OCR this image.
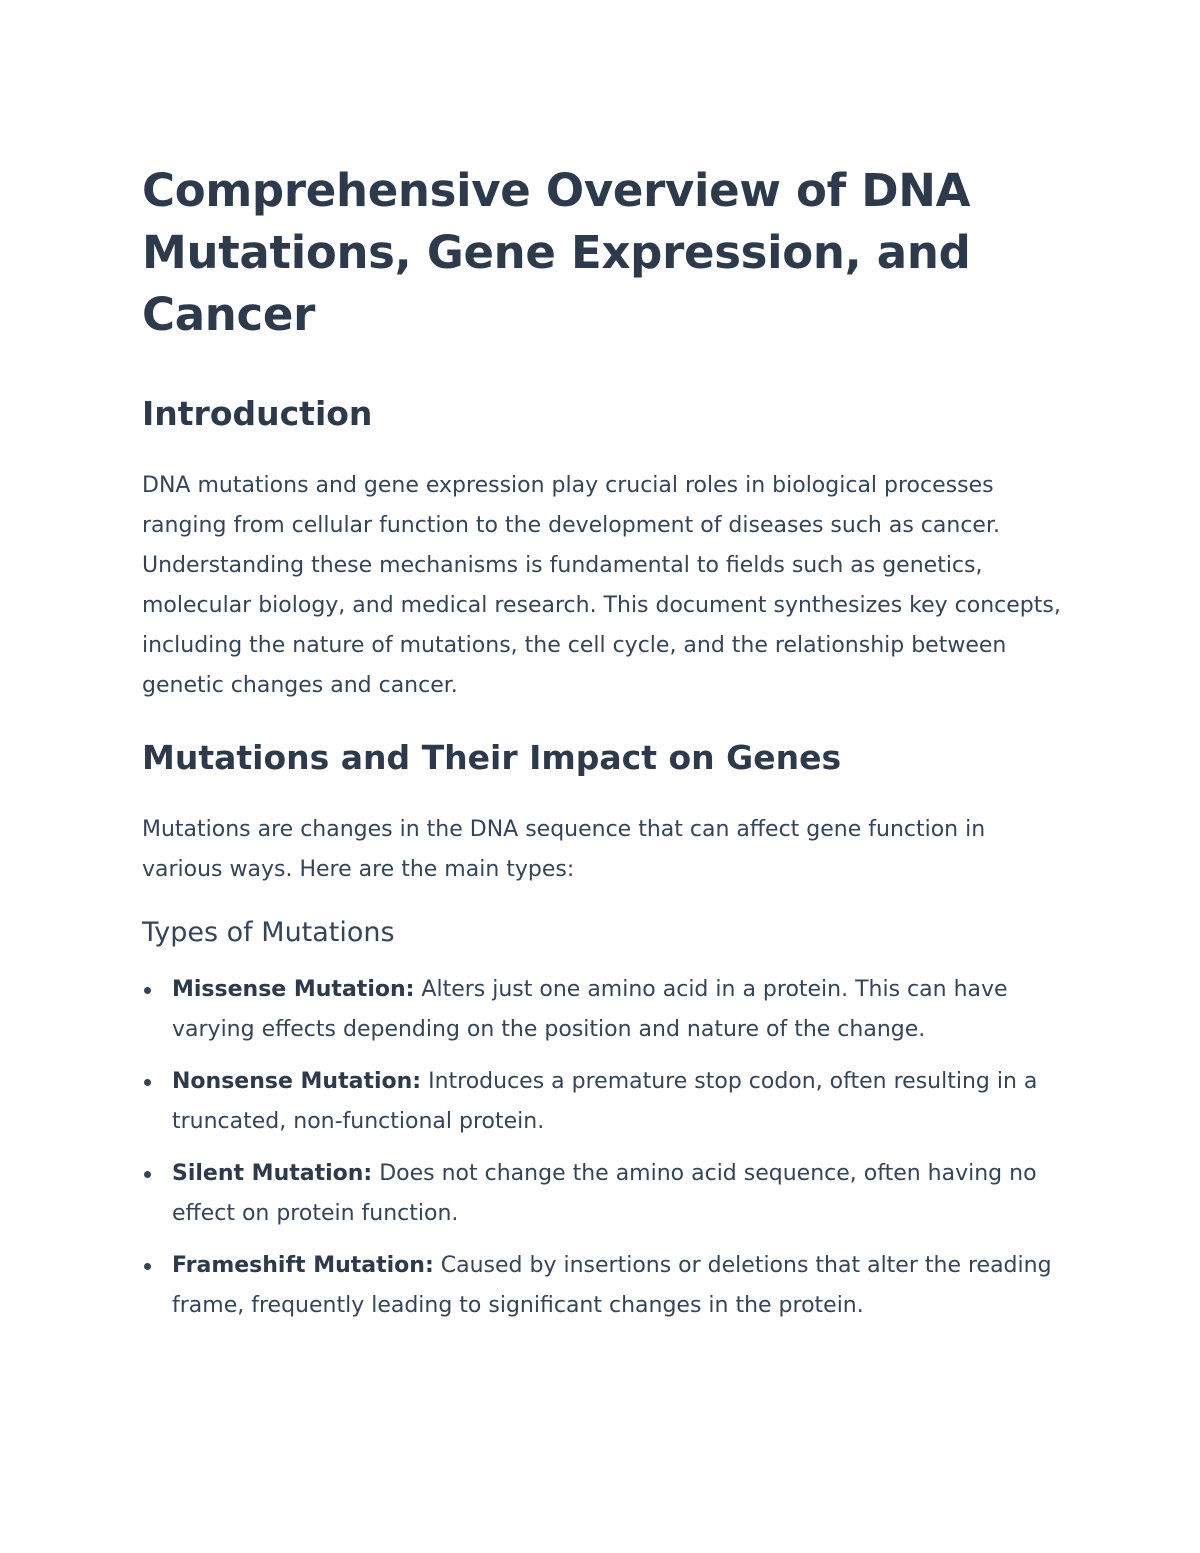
Comprehensive Overview of DNA Mutations, Gene Expression, and Cancer
Introduction

DNA mutations and gene expression play crucial roles in biological processes ranging from cellular function to the development of diseases such as cancer. Understanding these mechanisms is fundamental to fields such as genetics, molecular biology, and medical research. This document synthesizes key concepts, including the nature of mutations, the cell cycle, and the relationship between genetic changes and cancer.

Mutations and Their Impact on Genes

Mutations are changes in the DNA sequence that can affect gene function in various ways. Here are the main types:

Types of Mutations
Missense Mutation: Alters just one amino acid in a protein. This can have varying effects depending on the position and nature of the change.
Nonsense Mutation: Introduces a premature stop codon, often resulting in a truncated, non-functional protein.
Silent Mutation: Does not change the amino acid sequence, often having no effect on protein function.
Frameshift Mutation: Caused by insertions or deletions that alter the reading frame, frequently leading to significant changes in the protein.
